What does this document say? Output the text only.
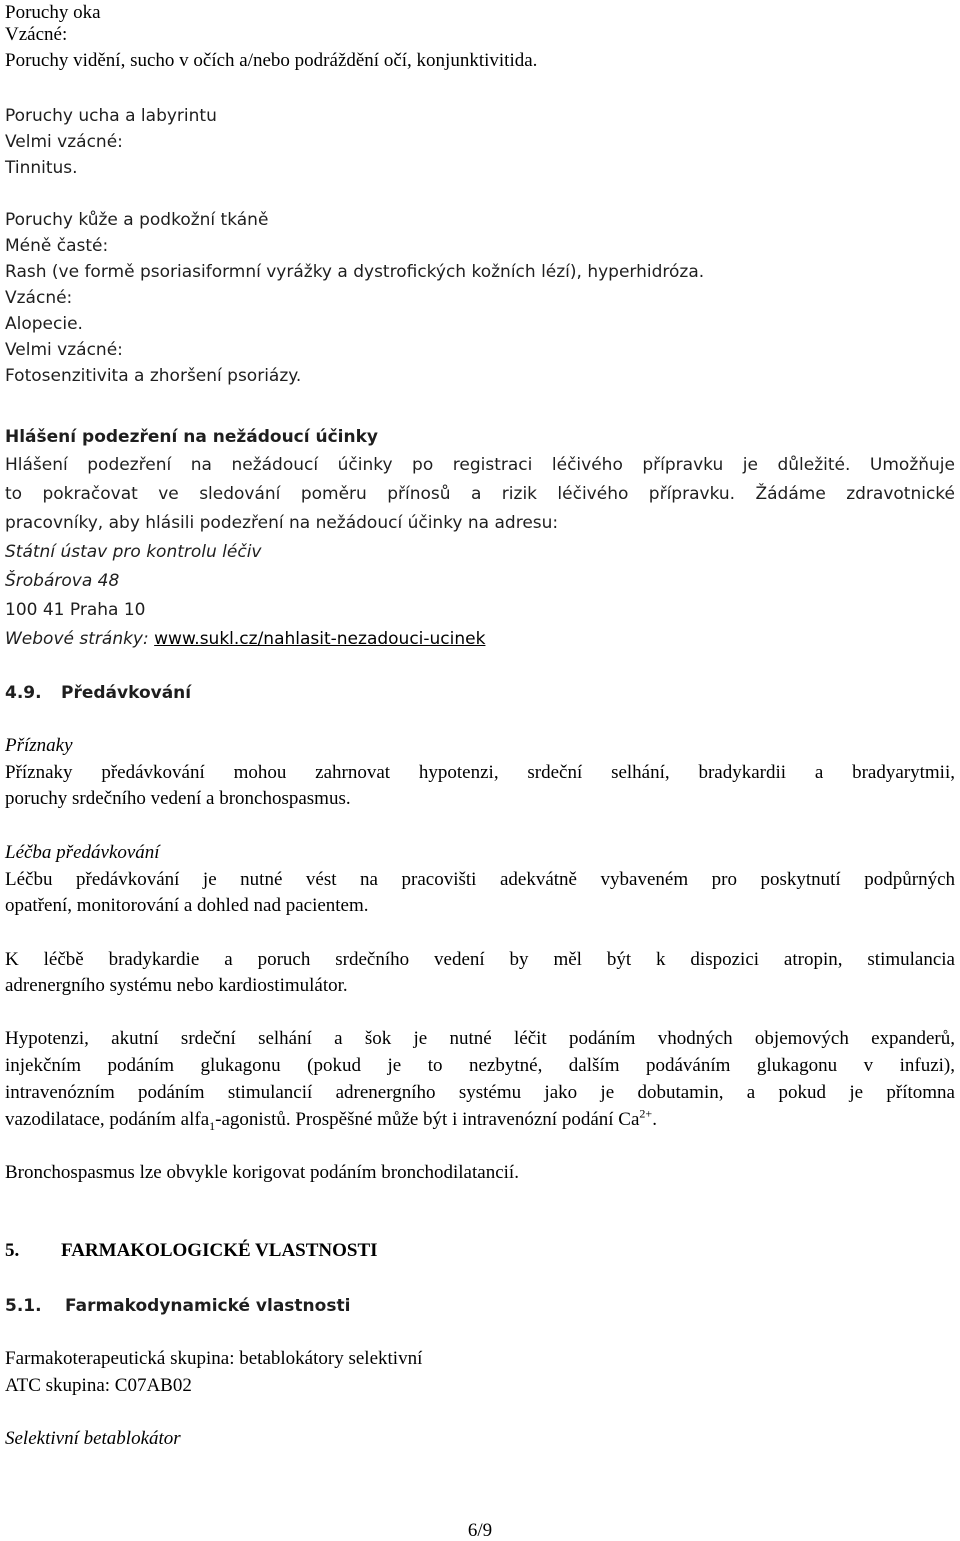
Poruchy oka
Vzácné:
Poruchy vidění, sucho v očích a/nebo podráždění očí, konjunktivitida.
Poruchy ucha a labyrintu
Velmi vzácné:
Tinnitus.
Poruchy kůže a podkožní tkáně
Méně časté:
Rash (ve formě psoriasiformní vyrážky a dystrofických kožních lézí), hyperhidróza.
Vzácné:
Alopecie.
Velmi vzácné:
Fotosenzitivita a zhoršení psoriázy.
Hlášení podezření na nežádoucí účinky
Hlášení podezření na nežádoucí účinky po registraci léčivého přípravku je důležité. Umožňuje
to pokračovat ve sledování poměru přínosů a rizik léčivého přípravku. Žádáme zdravotnické
pracovníky, aby hlásili podezření na nežádoucí účinky na adresu:
Státní ústav pro kontrolu léčiv
Šrobárova 48
100 41 Praha 10
Webové stránky: www.sukl.cz/nahlasit-nezadouci-ucinek
4.9. Předávkování
Příznaky
Příznaky předávkování mohou zahrnovat hypotenzi, srdeční selhání, bradykardii a bradyarytmii,
poruchy srdečního vedení a bronchospasmus.
Léčba předávkování
Léčbu předávkování je nutné vést na pracovišti adekvátně vybaveném pro poskytnutí podpůrných
opatření, monitorování a dohled nad pacientem.
K léčbě bradykardie a poruch srdečního vedení by měl být k dispozici atropin, stimulancia
adrenergního systému nebo kardiostimulátor.
Hypotenzi, akutní srdeční selhání a šok je nutné léčit podáním vhodných objemových expanderů,
injekčním podáním glukagonu (pokud je to nezbytné, dalším podáváním glukagonu v infuzi),
intravenózním podáním stimulancií adrenergního systému jako je dobutamin, a pokud je přítomna
vazodilatace, podáním alfa$_1$-agonistů. Prospěšné může být i intravenózní podání $Ca^{2+}$.
Bronchospasmus lze obvykle korigovat podáním bronchodilatancií.
5. FARMAKOLOGICKÉ VLASTNOSTI
5.1. Farmakodynamické vlastnosti
Farmakoterapeutická skupina: betablokátory selektivní
ATC skupina: C07AB02
Selektivní betablokátor
6/9
